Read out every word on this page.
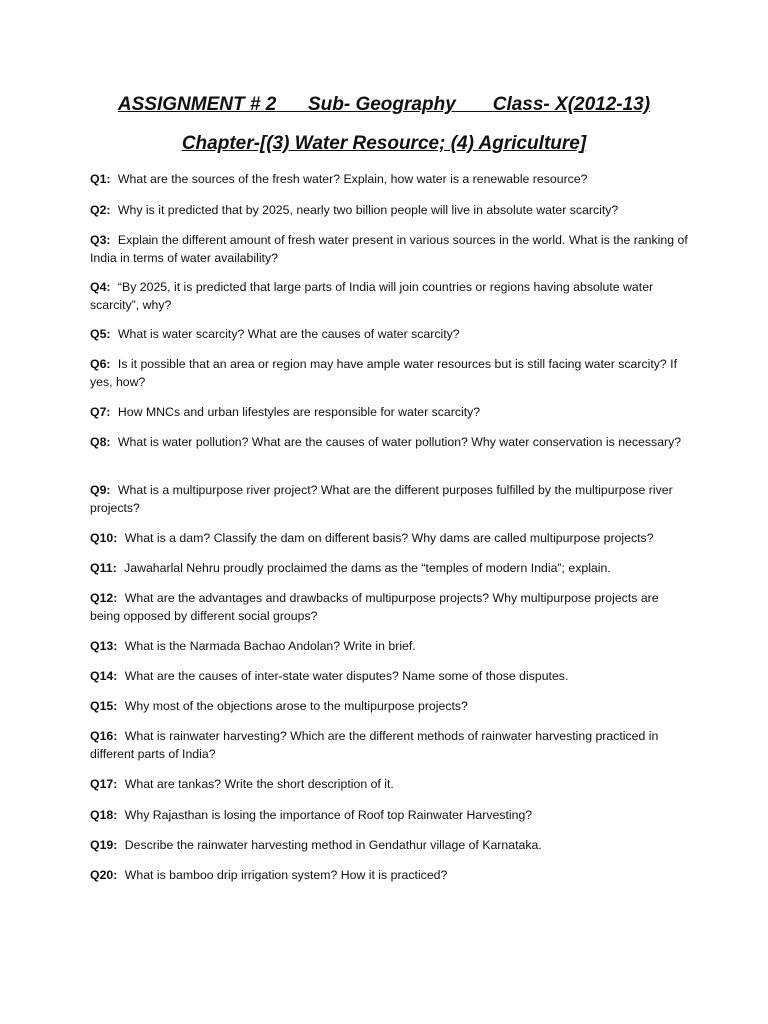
ASSIGNMENT # 2 Sub- Geography Class- X(2012-13)
Chapter-[(3) Water Resource; (4) Agriculture]
Q1: What are the sources of the fresh water? Explain, how water is a renewable resource?
Q2: Why is it predicted that by 2025, nearly two billion people will live in absolute water scarcity?
Q3: Explain the different amount of fresh water present in various sources in the world. What is the ranking of India in terms of water availability?
Q4: “By 2025, it is predicted that large parts of India will join countries or regions having absolute water scarcity”, why?
Q5: What is water scarcity? What are the causes of water scarcity?
Q6: Is it possible that an area or region may have ample water resources but is still facing water scarcity? If yes, how?
Q7: How MNCs and urban lifestyles are responsible for water scarcity?
Q8: What is water pollution? What are the causes of water pollution? Why water conservation is necessary?
Q9: What is a multipurpose river project? What are the different purposes fulfilled by the multipurpose river projects?
Q10: What is a dam? Classify the dam on different basis? Why dams are called multipurpose projects?
Q11: Jawaharlal Nehru proudly proclaimed the dams as the “temples of modern India”; explain.
Q12: What are the advantages and drawbacks of multipurpose projects? Why multipurpose projects are being opposed by different social groups?
Q13: What is the Narmada Bachao Andolan? Write in brief.
Q14: What are the causes of inter-state water disputes? Name some of those disputes.
Q15: Why most of the objections arose to the multipurpose projects?
Q16: What is rainwater harvesting? Which are the different methods of rainwater harvesting practiced in different parts of India?
Q17: What are tankas? Write the short description of it.
Q18: Why Rajasthan is losing the importance of Roof top Rainwater Harvesting?
Q19: Describe the rainwater harvesting method in Gendathur village of Karnataka.
Q20: What is bamboo drip irrigation system? How it is practiced?
